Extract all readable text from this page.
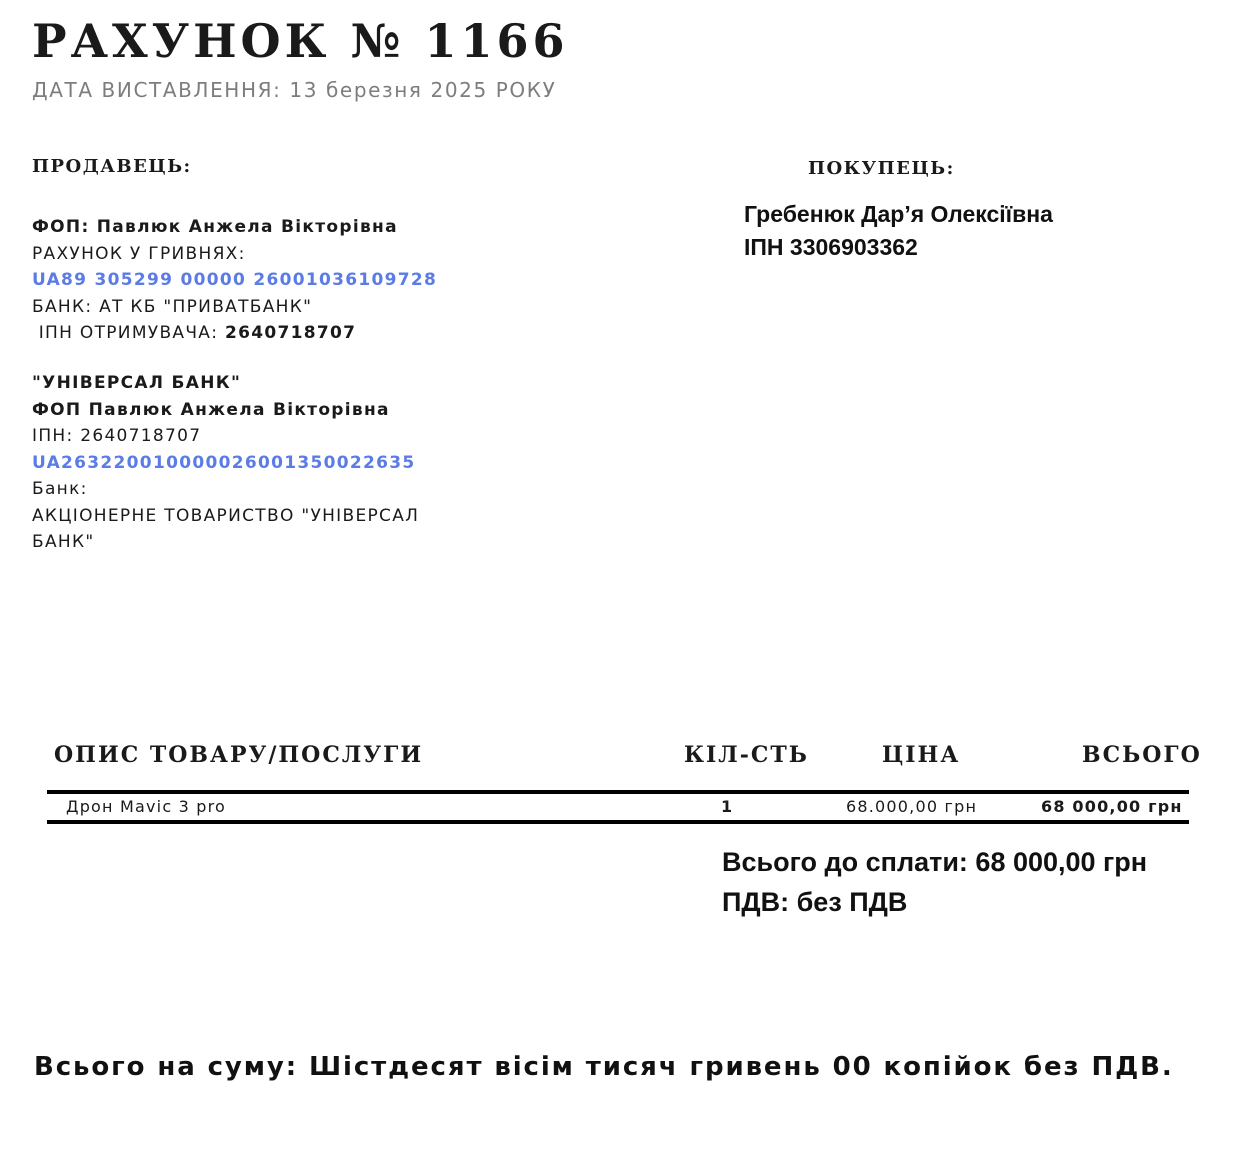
РАХУНОК № 1166
ДАТА ВИСТАВЛЕННЯ: 13 березня 2025 РОКУ
ПРОДАВЕЦЬ:	ПОКУПЕЦЬ:
ФОП: Павлюк Анжела Вікторівна
РАХУНОК У ГРИВНЯХ:
UA89 305299 00000 26001036109728
БАНК: АТ КБ "ПРИВАТБАНК"
ІПН ОТРИМУВАЧА: 2640718707
"УНІВЕРСАЛ БАНК"
ФОП Павлюк Анжела Вікторівна
ІПН: 2640718707
UA263220010000026001350022635
Банк:
АКЦІОНЕРНЕ ТОВАРИСТВО "УНІВЕРСАЛ
БАНК"
Гребенюк Дар’я Олексіївна
ІПН 3306903362
ОПИС ТОВАРУ/ПОСЛУГИ	КІЛ-СТЬ	ЦІНА	ВСЬОГО
Дрон Mavic 3 pro	1	68.000,00 грн	68 000,00 грн
Всього до сплати: 68 000,00 грн
ПДВ: без ПДВ
Всього на суму: Шістдесят вісім тисяч гривень 00 копійок без ПДВ.
